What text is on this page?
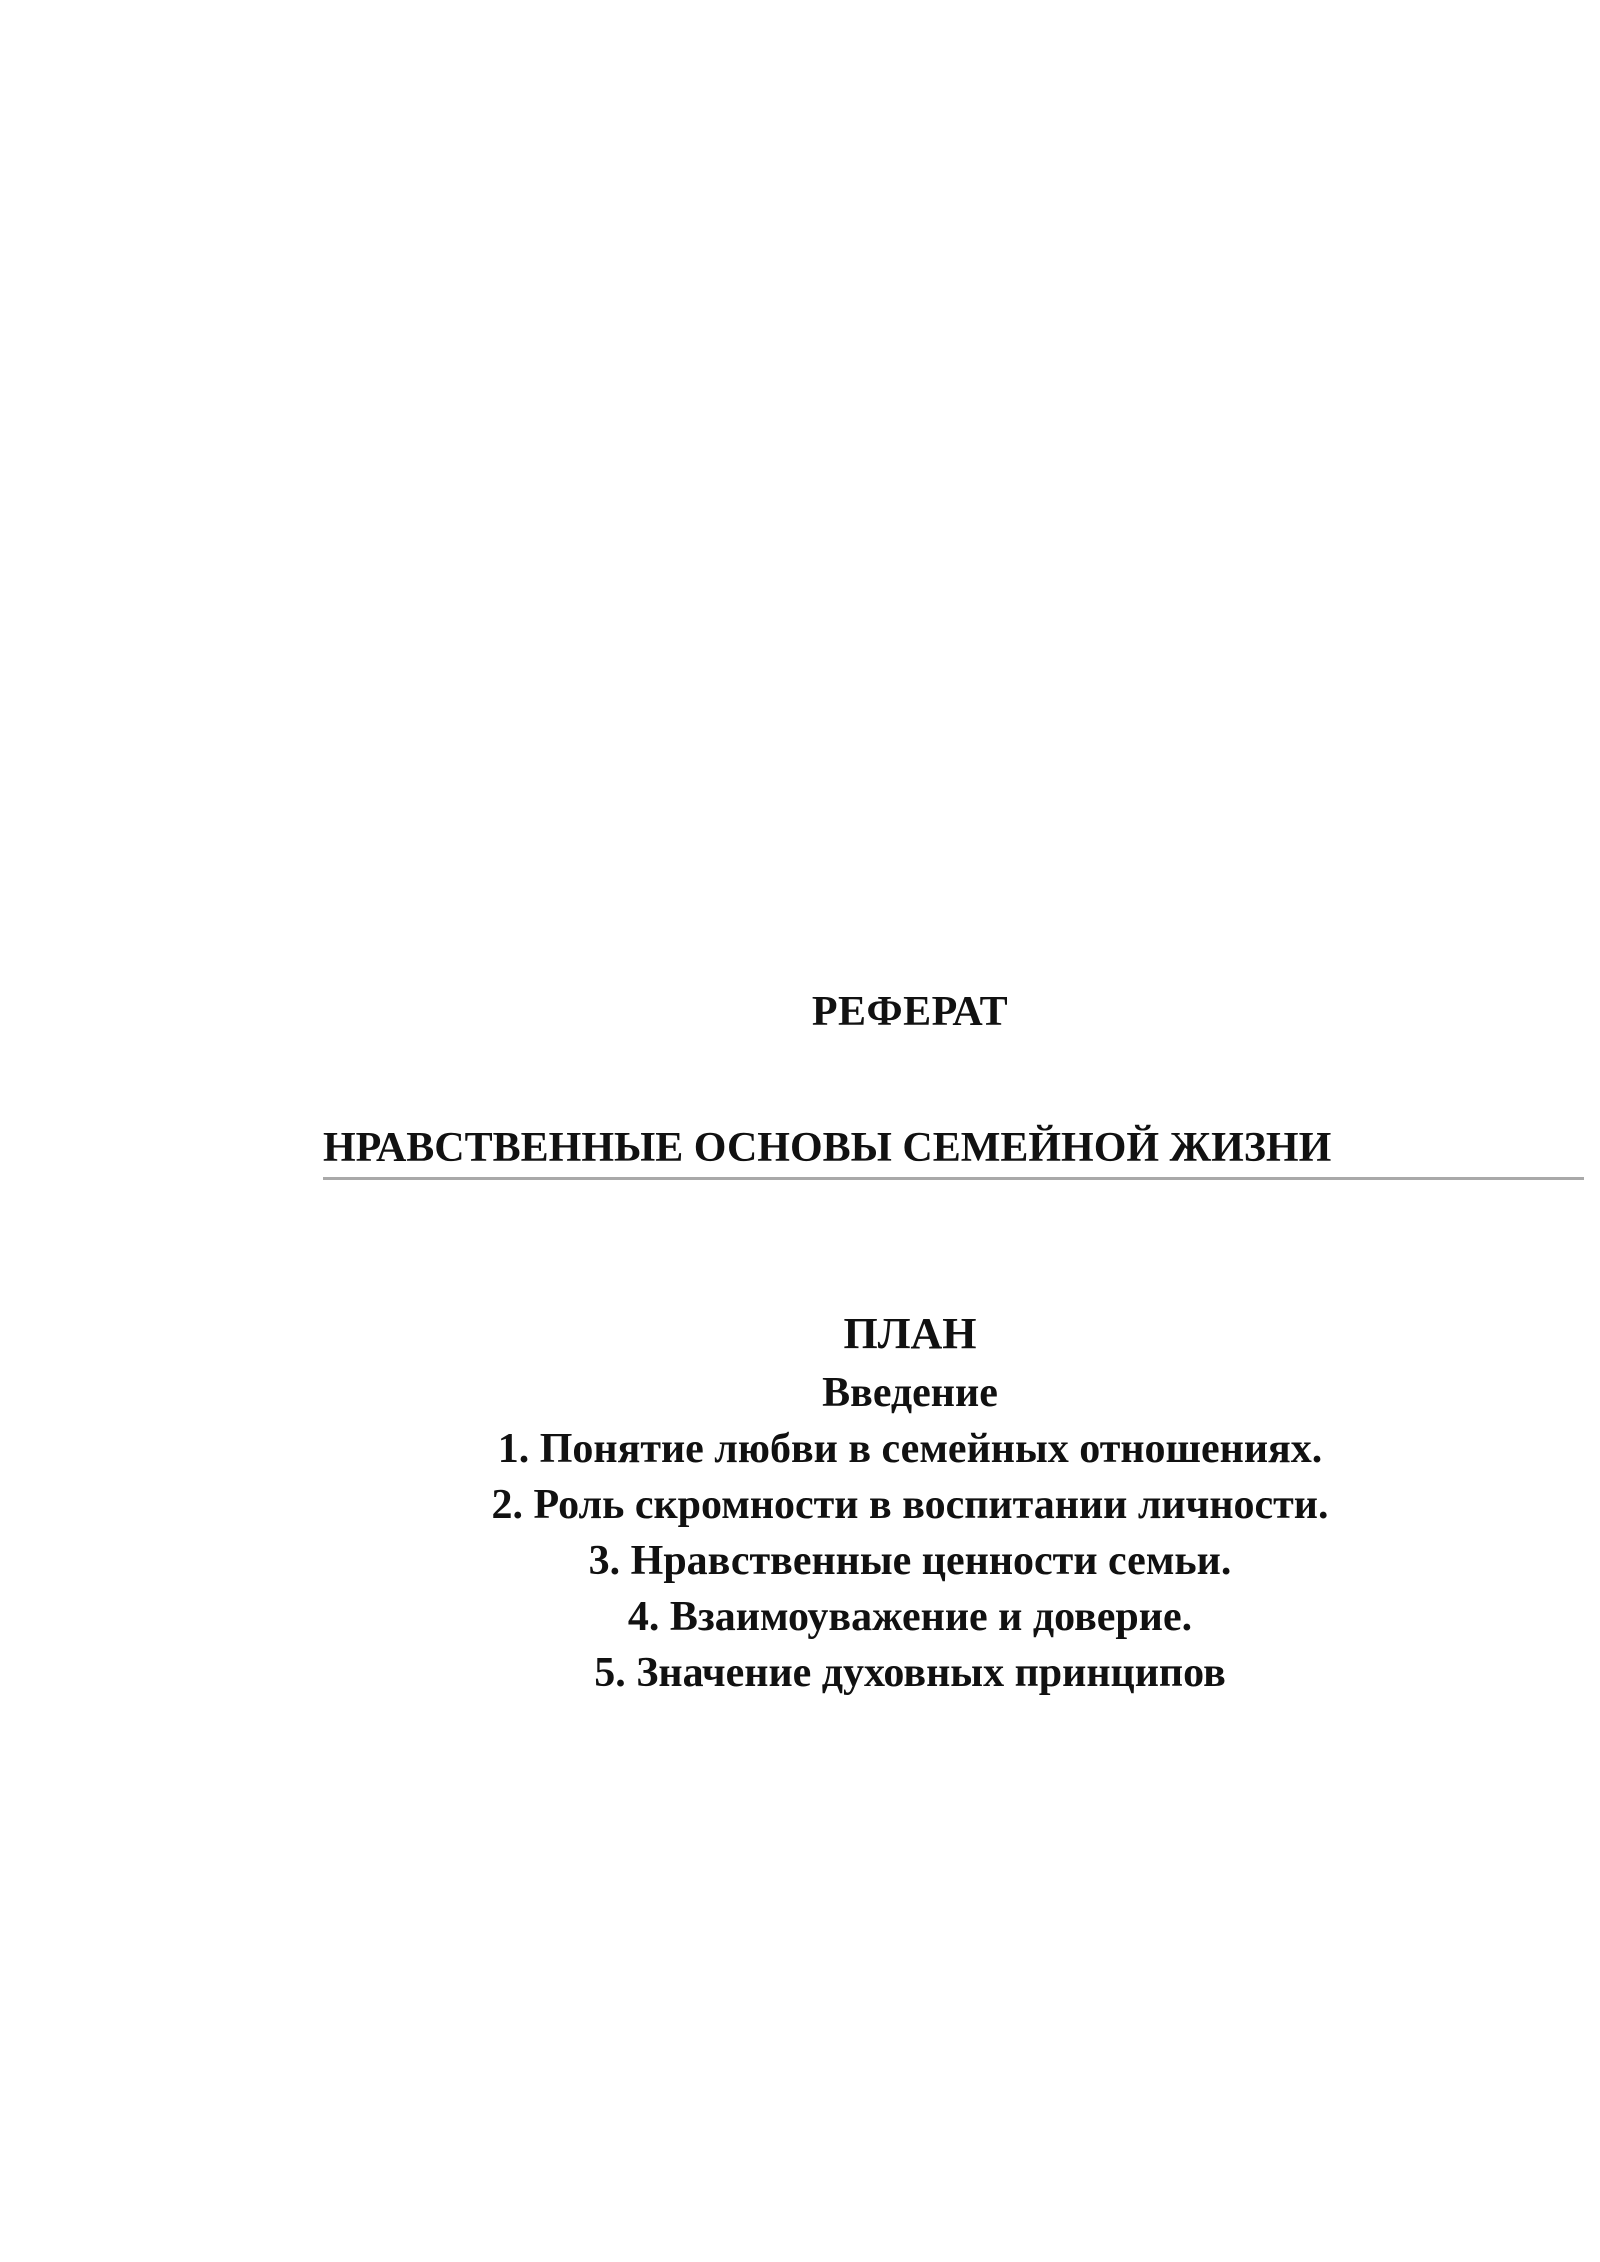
РЕФЕРАТ
НРАВСТВЕННЫЕ ОСНОВЫ СЕМЕЙНОЙ ЖИЗНИ
ПЛАН
Введение
1. Понятие любви в семейных отношениях.
2. Роль скромности в воспитании личности.
3. Нравственные ценности семьи.
4. Взаимоуважение и доверие.
5. Значение духовных принципов
